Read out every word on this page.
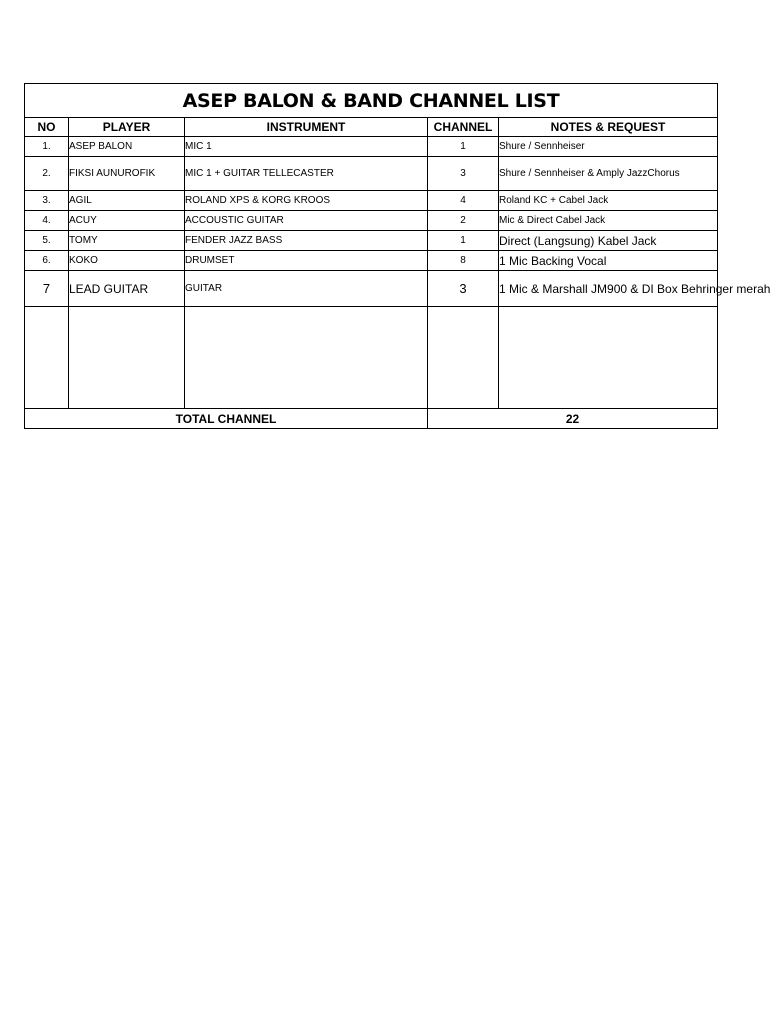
ASEP BALON & BAND CHANNEL LIST				
NO	PLAYER	INSTRUMENT	CHANNEL	NOTES & REQUEST
1.	ASEP BALON	MIC 1	1	Shure / Sennheiser
2.	FIKSI AUNUROFIK	MIC 1 + GUITAR TELLECASTER	3	Shure / Sennheiser & Amply JazzChorus
3.	AGIL	ROLAND XPS & KORG KROOS	4	Roland KC + Cabel Jack
4.	ACUY	ACCOUSTIC GUITAR	2	Mic & Direct Cabel Jack
5.	TOMY	FENDER JAZZ BASS	1	Direct (Langsung) Kabel Jack
6.	KOKO	DRUMSET	8	1 Mic Backing Vocal
7	LEAD GUITAR	GUITAR	3	1 Mic & Marshall JM900 & DI Box Behringer merah

TOTAL CHANNEL			22	
